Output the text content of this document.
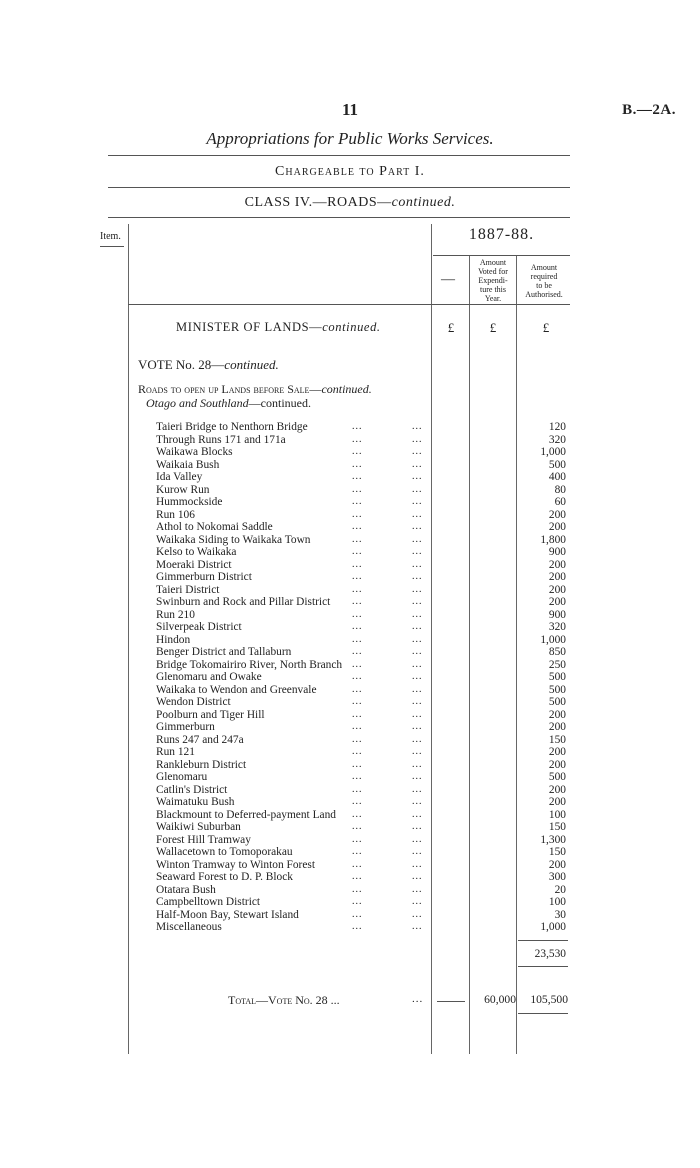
11	B.—2A.
Appropriations for Public Works Services.
Chargeable to Part I.
CLASS IV.—ROADS—continued.
Item.	1887-88.
—
Amount
Voted for
Expendi-
ture this
Year.
Amount
required
to be
Authorised.
MINISTER OF LANDS—continued.	£	£	£
VOTE No. 28—continued.
Roads to open up Lands before Sale—continued.
Otago and Southland—continued.
Taieri Bridge to Nenthorn Bridge	...	...	120
Through Runs 171 and 171a	...	...	320
Waikawa Blocks	...	...	1,000
Waikaia Bush	...	...	500
Ida Valley	...	...	400
Kurow Run	...	...	80
Hummockside	...	...	60
Run 106	...	...	200
Athol to Nokomai Saddle	...	...	200
Waikaka Siding to Waikaka Town	...	...	1,800
Kelso to Waikaka	...	...	900
Moeraki District	...	...	200
Gimmerburn District	...	...	200
Taieri District	...	...	200
Swinburn and Rock and Pillar District ...	...	200
Run 210	...	...	900
Silverpeak District	...	...	320
Hindon	...	...	1,000
Benger District and Tallaburn	...	...	850
Bridge Tokomairiro River, North Branch ...	...	250
Glenomaru and Owake	...	...	500
Waikaka to Wendon and Greenvale	...	...	500
Wendon District	...	...	500
Poolburn and Tiger Hill	...	...	200
Gimmerburn	...	...	200
Runs 247 and 247a	...	...	150
Run 121	...	...	200
Rankleburn District	...	...	200
Glenomaru	...	...	500
Catlin's District	...	...	200
Waimatuku Bush	...	...	200
Blackmount to Deferred-payment Land ...	...	100
Waikiwi Suburban	...	...	150
Forest Hill Tramway	...	...	1,300
Wallacetown to Tomoporakau	...	...	150
Winton Tramway to Winton Forest	...	...	200
Seaward Forest to D. P. Block	...	...	300
Otatara Bush	...	...	20
Campbelltown District	...	...	100
Half-Moon Bay, Stewart Island	...	...	30
Miscellaneous	...	...	1,000
23,530
Total—Vote No. 28 ...	...	60,000	105,500
